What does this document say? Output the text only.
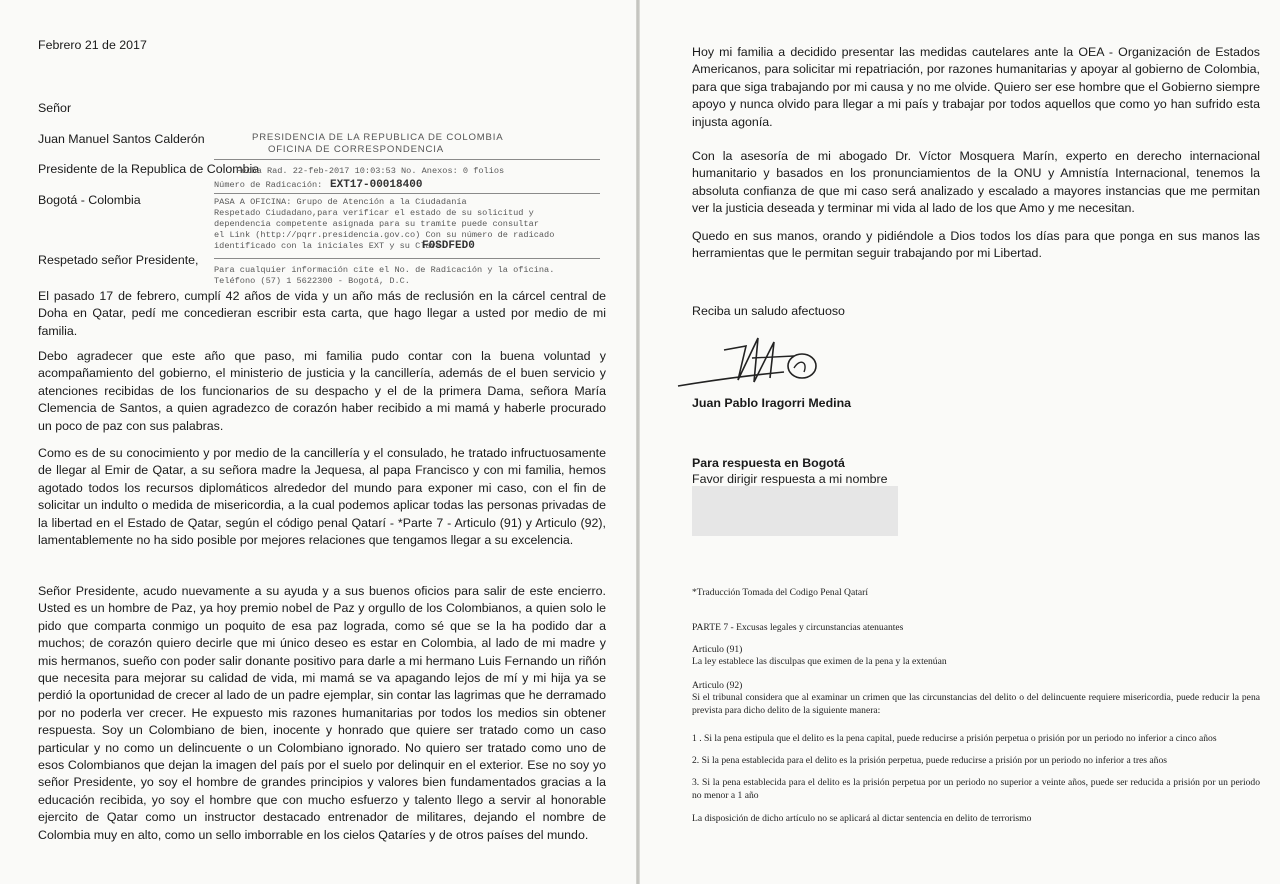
Febrero 21 de 2017
Señor
Juan Manuel Santos Calderón
Presidente de la Republica de Colombia
Bogotá - Colombia
Respetado señor Presidente,
PRESIDENCIA DE LA REPUBLICA DE COLOMBIA
OFICINA DE CORRESPONDENCIA
Fecha Rad. 22-feb-2017 10:03:53 No. Anexos: 0 folios
Número de Radicación: EXT17-00018400
PASA A OFICINA: Grupo de Atención a la Ciudadanía
Respetado Ciudadano,para verificar el estado de su solicitud y
dependencia competente asignada para su tramite puede consultar
el Link (http://pqrr.presidencia.gov.co) Con su número de radicado
identificado con la iniciales EXT y su Clave
F0SDFED0
Para cualquier información cite el No. de Radicación y la oficina.
Teléfono (57) 1 5622300 - Bogotá, D.C.
El pasado 17 de febrero, cumplí 42 años de vida y un año más de reclusión en la cárcel central de Doha en Qatar, pedí me concedieran escribir esta carta, que hago llegar a usted por medio de mi familia.
Debo agradecer que este año que paso, mi familia pudo contar con la buena voluntad y acompañamiento del gobierno, el ministerio de justicia y la cancillería, además de el buen servicio y atenciones recibidas de los funcionarios de su despacho y el de la primera Dama, señora María Clemencia de Santos, a quien agradezco de corazón haber recibido a mi mamá y haberle procurado un poco de paz con sus palabras.
Como es de su conocimiento y por medio de la cancillería y el consulado, he tratado infructuosamente de llegar al Emir de Qatar, a su señora madre la Jequesa, al papa Francisco y con mi familia, hemos agotado todos los recursos diplomáticos alrededor del mundo para exponer mi caso, con el fin de solicitar un indulto o medida de misericordia, a la cual podemos aplicar todas las personas privadas de la libertad en el Estado de Qatar, según el código penal Qatarí - *Parte 7 - Articulo (91) y Articulo (92), lamentablemente no ha sido posible por mejores relaciones que tengamos llegar a su excelencia.
Señor Presidente, acudo nuevamente a su ayuda y a sus buenos oficios para salir de este encierro. Usted es un hombre de Paz, ya hoy premio nobel de Paz y orgullo de los Colombianos, a quien solo le pido que comparta conmigo un poquito de esa paz lograda, como sé que se la ha podido dar a muchos; de corazón quiero decirle que mi único deseo es estar en Colombia, al lado de mi madre y mis hermanos, sueño con poder salir donante positivo para darle a mi hermano Luis Fernando un riñón que necesita para mejorar su calidad de vida, mi mamá se va apagando lejos de mí y mi hija ya se perdió la oportunidad de crecer al lado de un padre ejemplar, sin contar las lagrimas que he derramado por no poderla ver crecer. He expuesto mis razones humanitarias por todos los medios sin obtener respuesta. Soy un Colombiano de bien, inocente y honrado que quiere ser tratado como un caso particular y no como un delincuente o un Colombiano ignorado. No quiero ser tratado como uno de esos Colombianos que dejan la imagen del país por el suelo por delinquir en el exterior. Ese no soy yo señor Presidente, yo soy el hombre de grandes principios y valores bien fundamentados gracias a la educación recibida, yo soy el hombre que con mucho esfuerzo y talento llego a servir al honorable ejercito de Qatar como un instructor destacado entrenador de militares, dejando el nombre de Colombia muy en alto, como un sello imborrable en los cielos Qataríes y de otros países del mundo.
Hoy mi familia a decidido presentar las medidas cautelares ante la OEA - Organización de Estados Americanos, para solicitar mi repatriación, por razones humanitarias y apoyar al gobierno de Colombia, para que siga trabajando por mi causa y no me olvide. Quiero ser ese hombre que el Gobierno siempre apoyo y nunca olvido para llegar a mi país y trabajar por todos aquellos que como yo han sufrido esta injusta agonía.
Con la asesoría de mi abogado Dr. Víctor Mosquera Marín, experto en derecho internacional humanitario y basados en los pronunciamientos de la ONU y Amnistía Internacional, tenemos la absoluta confianza de que mi caso será analizado y escalado a mayores instancias que me permitan ver la justicia deseada y terminar mi vida al lado de los que Amo y me necesitan.
Quedo en sus manos, orando y pidiéndole a Dios todos los días para que ponga en sus manos las herramientas que le permitan seguir trabajando por mi Libertad.
Reciba un saludo afectuoso
Juan Pablo Iragorri Medina
Para respuesta en Bogotá
Favor dirigir respuesta a mi nombre
*Traducción Tomada del Codigo Penal Qatarí
PARTE 7 - Excusas legales y circunstancias atenuantes
Articulo (91)
La ley establece las disculpas que eximen de la pena y la extenúan
Articulo (92)
Si el tribunal considera que al examinar un crimen que las circunstancias del delito o del delincuente requiere misericordia, puede reducir la pena prevista para dicho delito de la siguiente manera:
1 . Si la pena estipula que el delito es la pena capital, puede reducirse a prisión perpetua o prisión por un periodo no inferior a cinco años
2. Si la pena establecida para el delito es la prisión perpetua, puede reducirse a prisión por un periodo no inferior a tres años
3. Si la pena establecida para el delito es la prisión perpetua por un periodo no superior a veinte años, puede ser reducida a prisión por un periodo no menor a 1 año
La disposición de dicho artículo no se aplicará al dictar sentencia en delito de terrorismo
